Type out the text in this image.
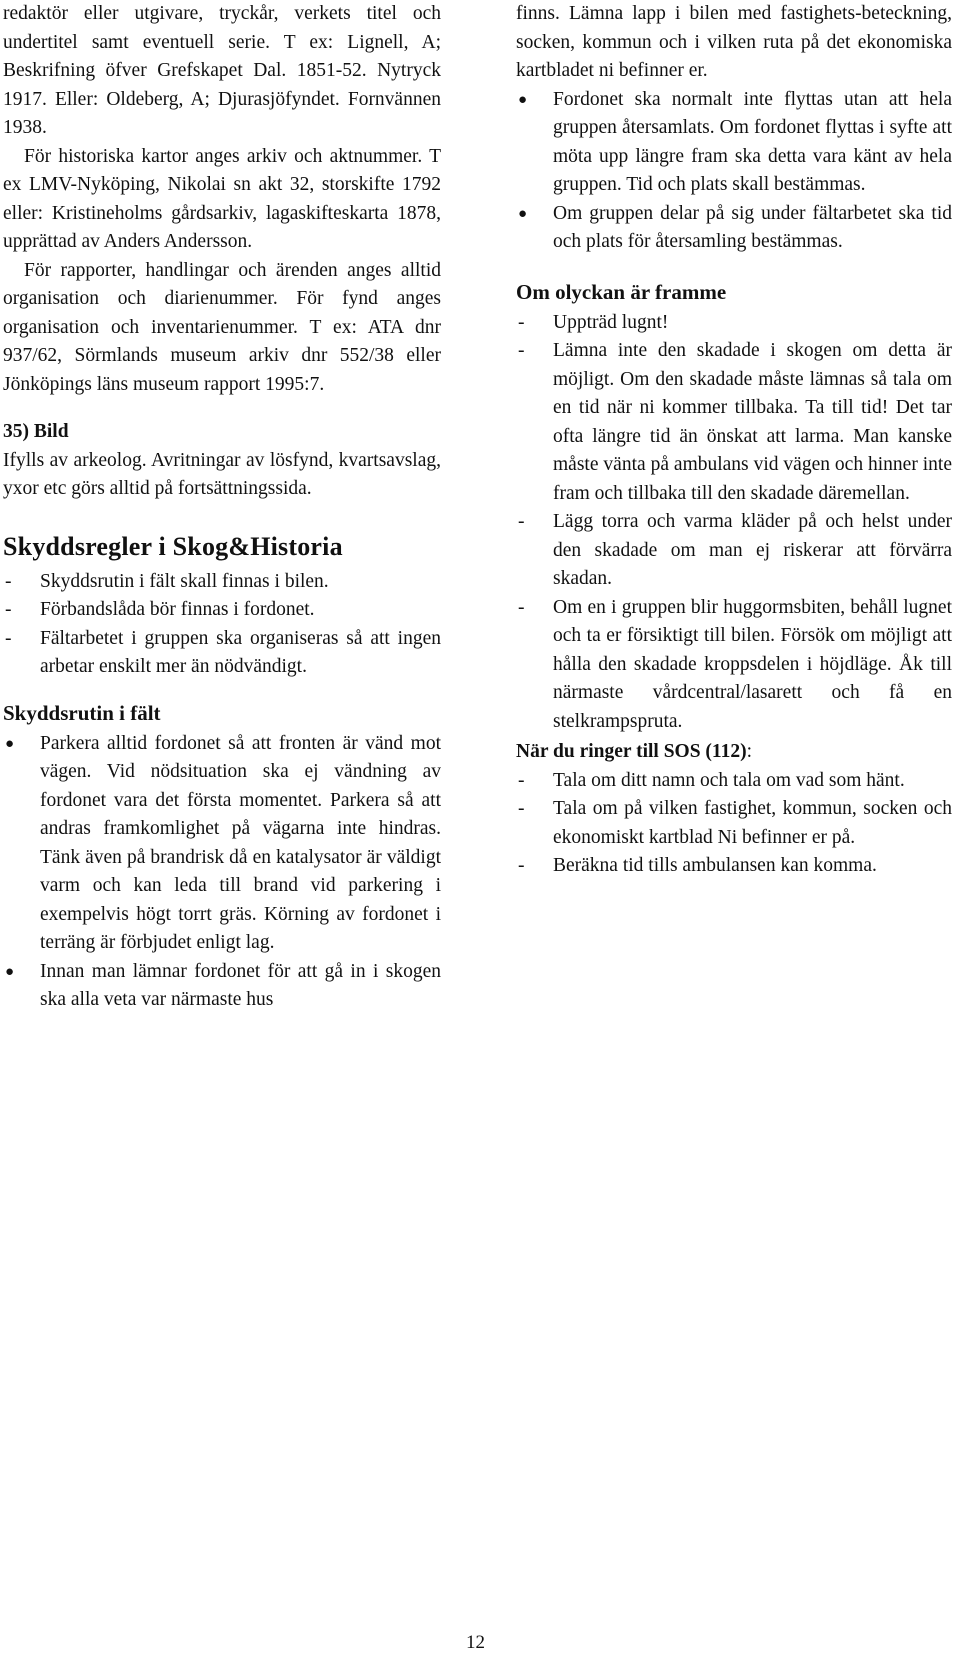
redaktör eller utgivare, tryckår, verkets titel och undertitel samt eventuell serie. T ex: Lignell, A; Beskrifning öfver Grefskapet Dal. 1851-52. Nytryck 1917. Eller: Oldeberg, A; Djurasjöfyndet. Fornvännen 1938.

För historiska kartor anges arkiv och aktnummer. T ex LMV-Nyköping, Nikolai sn akt 32, storskifte 1792 eller: Kristineholms gårdsarkiv, lagaskifteskarta 1878, upprättad av Anders Andersson.

För rapporter, handlingar och ärenden anges alltid organisation och diarienummer. För fynd anges organisation och inventarienummer. T ex: ATA dnr 937/62, Sörmlands museum arkiv dnr 552/38 eller Jönköpings läns museum rapport 1995:7.

35) Bild

Ifylls av arkeolog. Avritningar av lösfynd, kvartsavslag, yxor etc görs alltid på fortsättningssida.

Skyddsregler i Skog&Historia
- Skyddsrutin i fält skall finnas i bilen.
- Förbandslåda bör finnas i fordonet.
- Fältarbetet i gruppen ska organiseras så att ingen arbetar enskilt mer än nödvändigt.
Skyddsrutin i fält
● Parkera alltid fordonet så att fronten är vänd mot vägen. Vid nödsituation ska ej vändning av fordonet vara det första momentet. Parkera så att andras framkomlighet på vägarna inte hindras. Tänk även på brandrisk då en katalysator är väldigt varm och kan leda till brand vid parkering i exempelvis högt torrt gräs. Körning av fordonet i terräng är förbjudet enligt lag.
● Innan man lämnar fordonet för att gå in i skogen ska alla veta var närmaste hus

finns. Lämna lapp i bilen med fastighets-beteckning, socken, kommun och i vilken ruta på det ekonomiska kartbladet ni befinner er.

● Fordonet ska normalt inte flyttas utan att hela gruppen återsamlats. Om fordonet flyttas i syfte att möta upp längre fram ska detta vara känt av hela gruppen. Tid och plats skall bestämmas.
● Om gruppen delar på sig under fältarbetet ska tid och plats för återsamling bestämmas.
Om olyckan är framme
- Uppträd lugnt!
- Lämna inte den skadade i skogen om detta är möjligt. Om den skadade måste lämnas så tala om en tid när ni kommer tillbaka. Ta till tid! Det tar ofta längre tid än önskat att larma. Man kanske måste vänta på ambulans vid vägen och hinner inte fram och tillbaka till den skadade däremellan.
- Lägg torra och varma kläder på och helst under den skadade om man ej riskerar att förvärra skadan.
- Om en i gruppen blir huggormsbiten, behåll lugnet och ta er försiktigt till bilen. Försök om möjligt att hålla den skadade kroppsdelen i höjdläge. Åk till närmaste vårdcentral/lasarett och få en stelkrampspruta.

När du ringer till SOS (112):

- Tala om ditt namn och tala om vad som hänt.
- Tala om på vilken fastighet, kommun, socken och ekonomiskt kartblad Ni befinner er på.
- Beräkna tid tills ambulansen kan komma.
12
